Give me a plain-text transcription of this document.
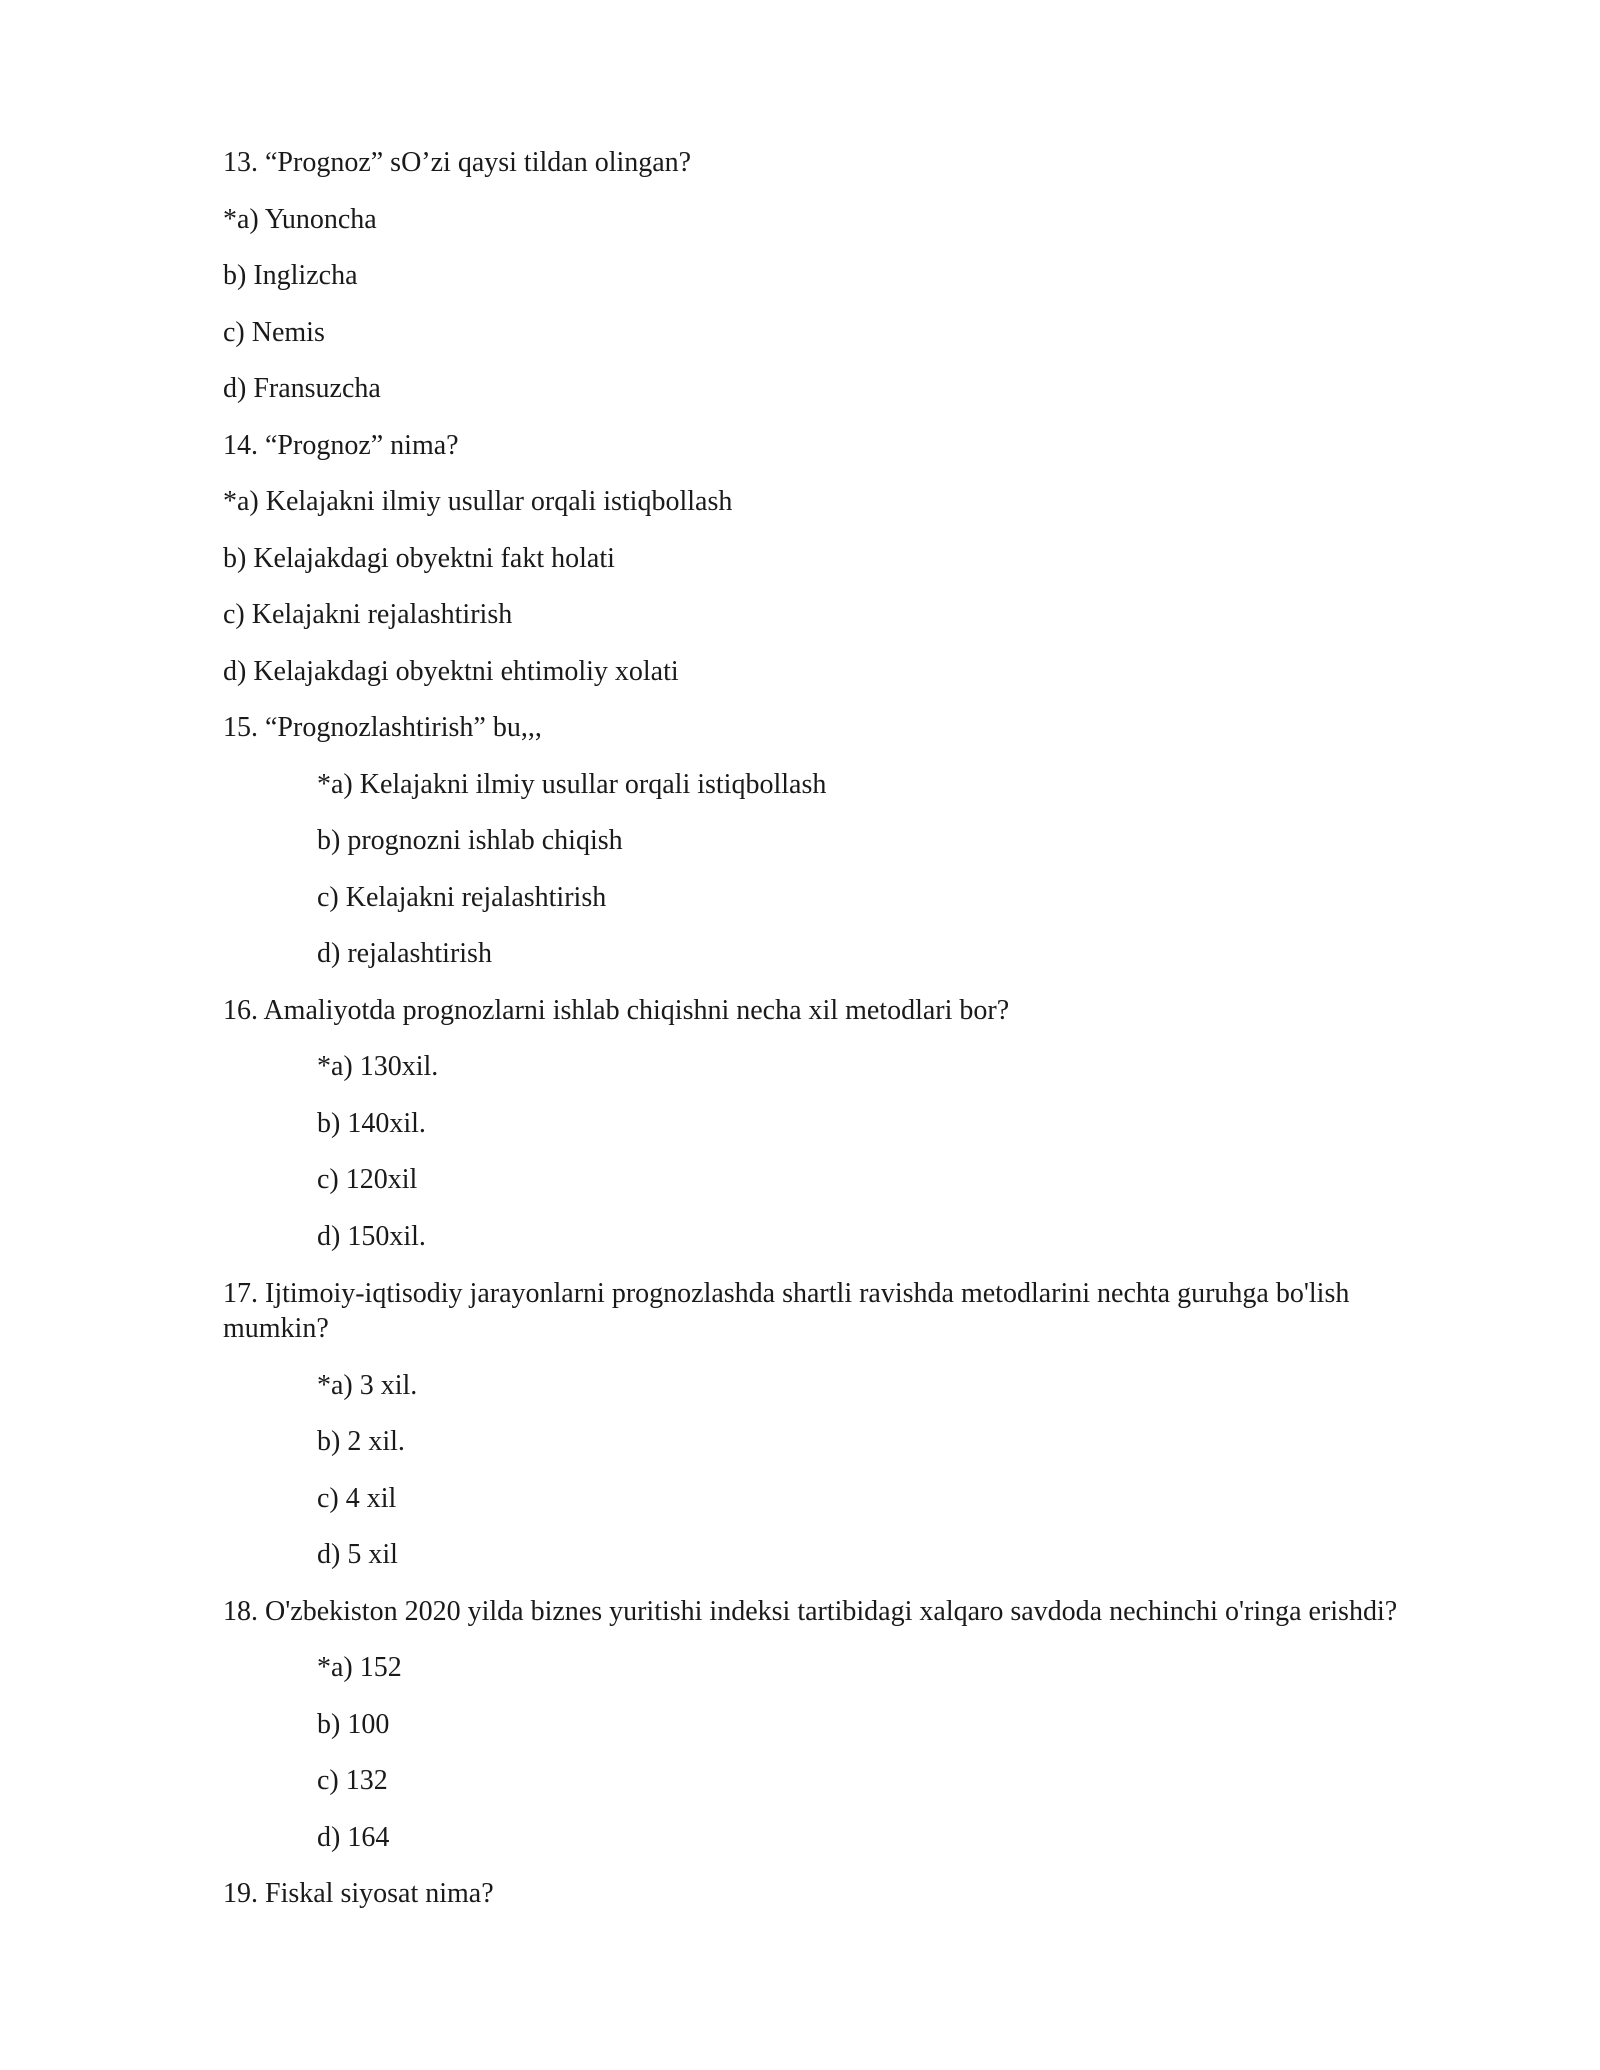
13. “Prognoz” sO’zi qaysi tildan olingan?
*a) Yunoncha
b) Inglizcha
c) Nemis
d) Fransuzcha
14. “Prognoz” nima?
*a) Kelajakni ilmiy usullar orqali istiqbollash
b) Kelajakdagi obyektni fakt holati
c) Kelajakni rejalashtirish
d) Kelajakdagi obyektni ehtimoliy xolati
15. “Prognozlashtirish” bu,,,
*a) Kelajakni ilmiy usullar orqali istiqbollash
b) prognozni ishlab chiqish
c) Kelajakni rejalashtirish
d) rejalashtirish
16. Amaliyotda prognozlarni ishlab chiqishni necha xil metodlari bor?
*a) 130xil.
b) 140xil.
c) 120xil
d) 150xil.
17. Ijtimoiy-iqtisodiy jarayonlarni prognozlashda shartli ravishda metodlarini nechta guruhga bo'lish mumkin?
*a) 3 xil.
b) 2 xil.
c) 4 xil
d) 5 xil
18. O'zbekiston 2020 yilda biznes yuritishi indeksi tartibidagi xalqaro savdoda nechinchi o'ringa erishdi?
*a) 152
b) 100
c) 132
d) 164
19. Fiskal siyosat nima?
